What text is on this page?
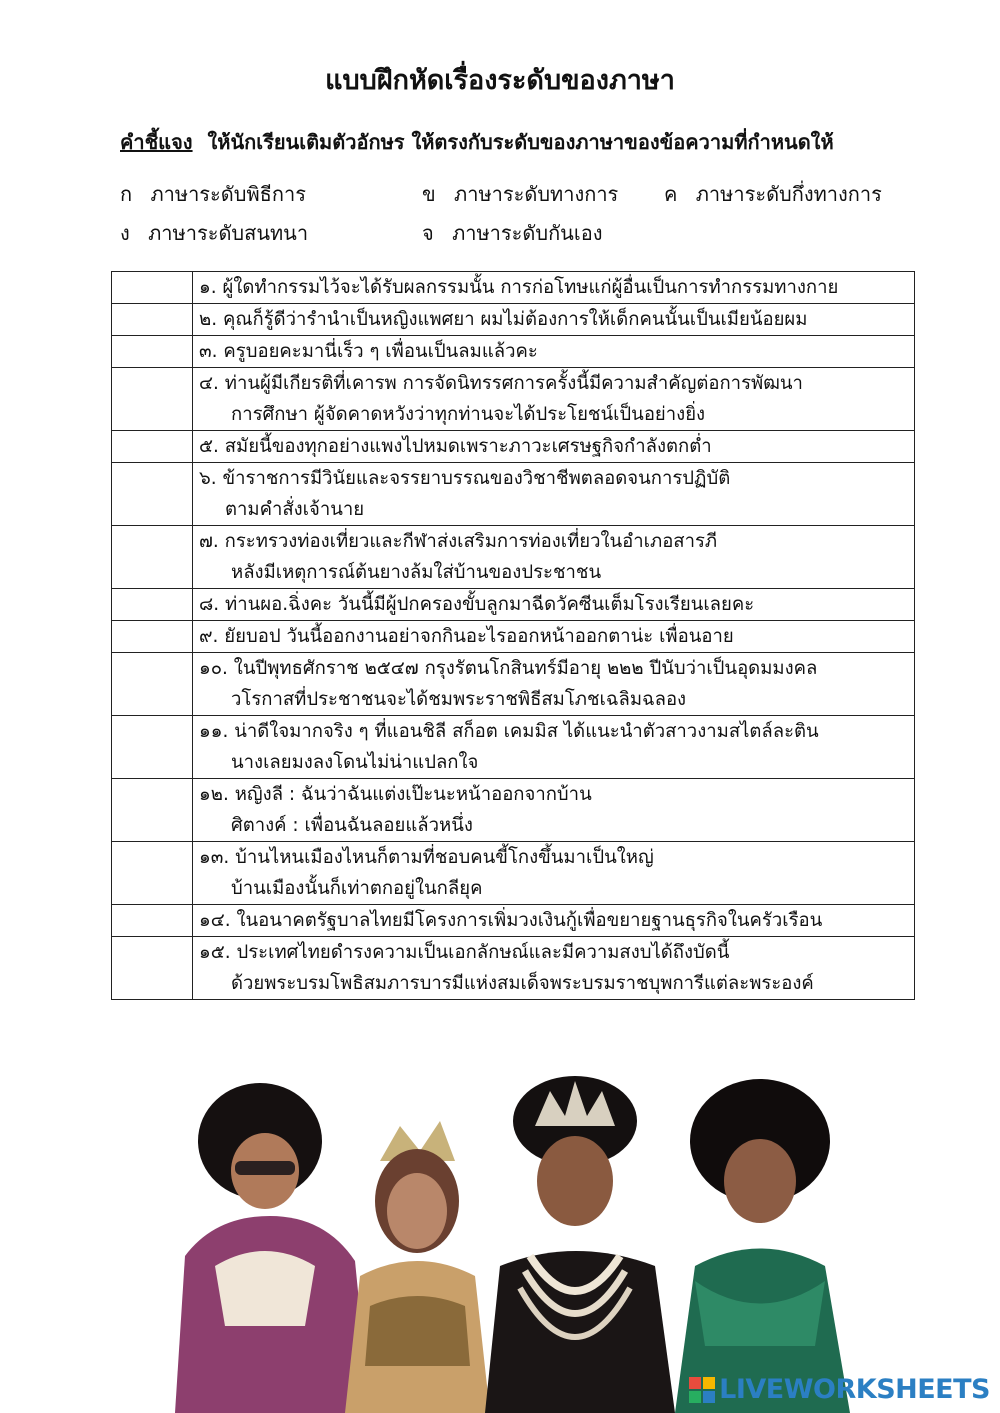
แบบฝึกหัดเรื่องระดับของภาษา
คำชี้แจง ให้นักเรียนเติมตัวอักษร ให้ตรงกับระดับของภาษาของข้อความที่กำหนดให้
ก ภาษาระดับพิธีการ	ข ภาษาระดับทางการ ค ภาษาระดับกึ่งทางการ
ง ภาษาระดับสนทนา	จ ภาษาระดับกันเอง

	๑. ผู้ใดทำกรรมไว้จะได้รับผลกรรมนั้น การก่อโทษแก่ผู้อื่นเป็นการทำกรรมทางกาย

	๒. คุณก็รู้ดีว่ารำนำเป็นหญิงแพศยา ผมไม่ต้องการให้เด็กคนนั้นเป็นเมียน้อยผม

	๓. ครูบอยคะมานี่เร็ว ๆ เพื่อนเป็นลมแล้วคะ

	๔. ท่านผู้มีเกียรติที่เคารพ การจัดนิทรรศการครั้งนี้มีความสำคัญต่อการพัฒนา
การศึกษา ผู้จัดคาดหวังว่าทุกท่านจะได้ประโยชน์เป็นอย่างยิ่ง

	๕. สมัยนี้ของทุกอย่างแพงไปหมดเพราะภาวะเศรษฐกิจกำลังตกต่ำ

	๖. ข้าราชการมีวินัยและจรรยาบรรณของวิชาชีพตลอดจนการปฏิบัติ
ตามคำสั่งเจ้านาย

	๗. กระทรวงท่องเที่ยวและกีฬาส่งเสริมการท่องเที่ยวในอำเภอสารภี
หลังมีเหตุการณ์ต้นยางล้มใส่บ้านของประชาชน

	๘. ท่านผอ.ฉิ่งคะ วันนี้มีผู้ปกครองขั้บลูกมาฉีดวัคซีนเต็มโรงเรียนเลยคะ

	๙. ยัยบอป วันนี้ออกงานอย่าจกกินอะไรออกหน้าออกตาน่ะ เพื่อนอาย

	๑๐. ในปีพุทธศักราช ๒๕๔๗ กรุงรัตนโกสินทร์มีอายุ ๒๒๒ ปีนับว่าเป็นอุดมมงคล
วโรกาสที่ประชาชนจะได้ชมพระราชพิธีสมโภชเฉลิมฉลอง

	๑๑. น่าดีใจมากจริง ๆ ที่แอนชิลี สก็อต เคมมิส ได้แนะนำตัวสาวงามสไตล์ละติน
นางเลยมงลงโดนไม่น่าแปลกใจ

	๑๒. หญิงลี : ฉันว่าฉันแต่งเป๊ะนะหน้าออกจากบ้าน
ศิตางค์ : เพื่อนฉันลอยแล้วหนึ่ง

	๑๓. บ้านไหนเมืองไหนก็ตามที่ชอบคนขี้โกงขึ้นมาเป็นใหญ่
บ้านเมืองนั้นก็เท่าตกอยู่ในกลียุค

	๑๔. ในอนาคตรัฐบาลไทยมีโครงการเพิ่มวงเงินกู้เพื่อขยายฐานธุรกิจในครัวเรือน

	๑๕. ประเทศไทยดำรงความเป็นเอกลักษณ์และมีความสงบได้ถึงบัดนี้
ด้วยพระบรมโพธิสมภารบารมีแห่งสมเด็จพระบรมราชบุพการีแต่ละพระองค์
LIVEWORKSHEETS
